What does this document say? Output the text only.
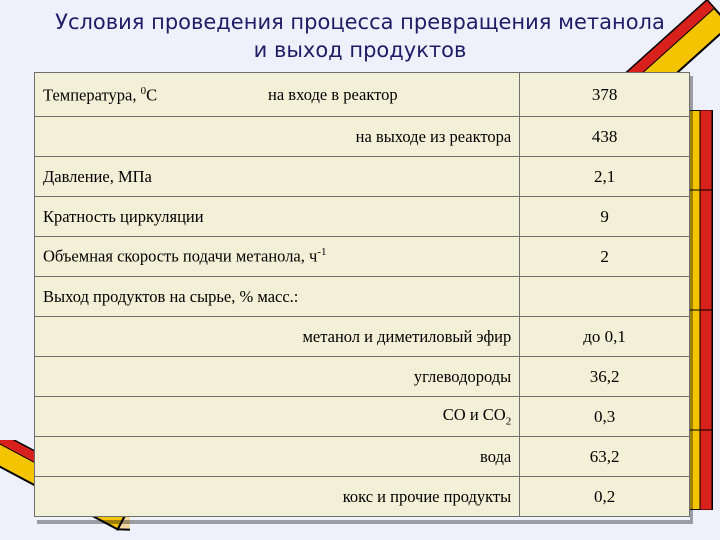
Условия проведения процесса превращения метанола
и выход продуктов
Температура, $^0$С на входе в реактор	378
на выходе из реактора	438
Давление, МПа	2,1
Кратность циркуляции	9
Объемная скорость подачи метанола, $ч^{-1}$	2
Выход продуктов на сырье, % масс.:	
метанол и диметиловый эфир	до 0,1
углеводороды	36,2
СО и $СО_2$	0,3
вода	63,2
кокс и прочие продукты	0,2
